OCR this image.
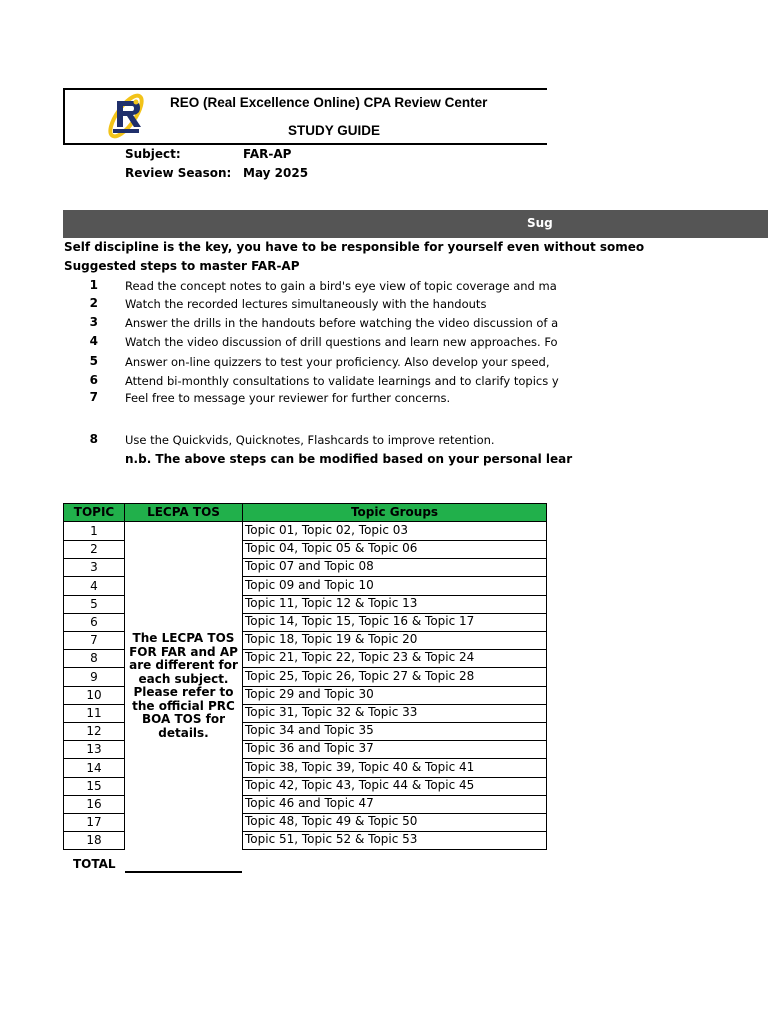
REO (Real Excellence Online) CPA Review Center
STUDY GUIDE
Subject:	FAR-AP
Review Season: May 2025
Sug
Self discipline is the key, you have to be responsible for yourself even without someo
Suggested steps to master FAR-AP
1 Read the concept notes to gain a bird's eye view of topic coverage and ma
2 Watch the recorded lectures simultaneously with the handouts
3 Answer the drills in the handouts before watching the video discussion of a
4 Watch the video discussion of drill questions and learn new approaches. Fo
5 Answer on-line quizzers to test your proficiency. Also develop your speed,
6 Attend bi-monthly consultations to validate learnings and to clarify topics y
7 Feel free to message your reviewer for further concerns.
8 Use the Quickvids, Quicknotes, Flashcards to improve retention.
n.b. The above steps can be modified based on your personal lear
TOPIC	LECPA TOS	Topic Groups
1	Topic 01, Topic 02, Topic 03
2	Topic 04, Topic 05 & Topic 06
3	Topic 07 and Topic 08
4	Topic 09 and Topic 10
5	Topic 11, Topic 12 & Topic 13
6	Topic 14, Topic 15, Topic 16 & Topic 17
7	Topic 18, Topic 19 & Topic 20
8	Topic 21, Topic 22, Topic 23 & Topic 24
9	Topic 25, Topic 26, Topic 27 & Topic 28
10	Topic 29 and Topic 30
11	Topic 31, Topic 32 & Topic 33
12	Topic 34 and Topic 35
13	Topic 36 and Topic 37
14	Topic 38, Topic 39, Topic 40 & Topic 41
15	Topic 42, Topic 43, Topic 44 & Topic 45
16	Topic 46 and Topic 47
17	Topic 48, Topic 49 & Topic 50
18	Topic 51, Topic 52 & Topic 53
The LECPA TOS FOR FAR and AP are different for each subject. Please refer to the official PRC BOA TOS for details.
TOTAL
